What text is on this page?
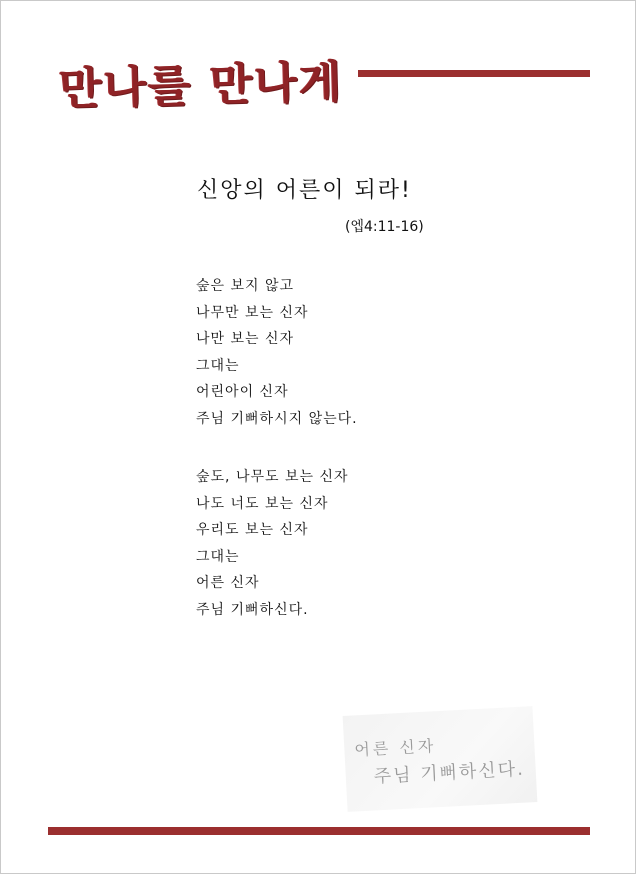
만나를 만나게
신앙의 어른이 되라!
(엡4:11-16)
숲은 보지 않고
나무만 보는 신자
나만 보는 신자
그대는
어린아이 신자
주님 기뻐하시지 않는다.
숲도, 나무도 보는 신자
나도 너도 보는 신자
우리도 보는 신자
그대는
어른 신자
주님 기뻐하신다.
어른 신자
주님 기뻐하신다.
